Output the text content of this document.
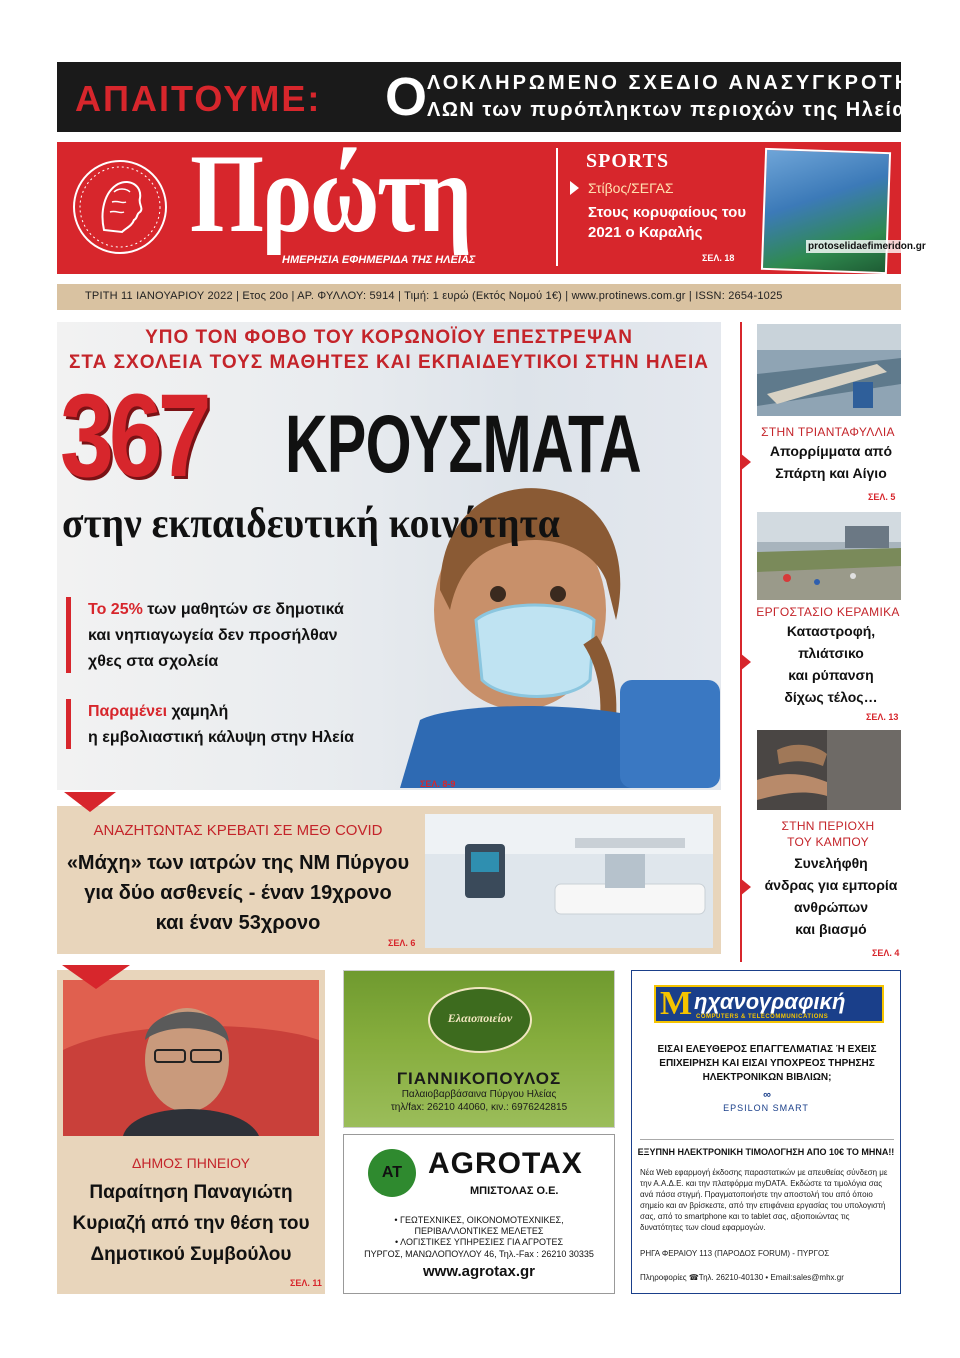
ΑΠΑΙΤΟΥΜΕ: Ο ΛΟΚΛΗΡΩΜΕΝΟ ΣΧΕΔΙΟ ΑΝΑΣΥΓΚΡΟΤΗΣΗΣ
ΛΩΝ των πυρόπληκτων περιοχών της Ηλείας
Πρώτη
ΗΜΕΡΗΣΙΑ ΕΦΗΜΕΡΙΔΑ ΤΗΣ ΗΛΕΙΑΣ
SPORTS
Στίβος/ΣΕΓΑΣ
Στους κορυφαίους του 2021 ο Καραλής
ΣΕΛ. 18
protoselidaefimeridon.gr
ΤΡΙΤΗ 11 ΙΑΝΟΥΑΡΙΟΥ 2022 | Ετος 20ο | ΑΡ. ΦΥΛΛΟΥ: 5914 | Τιμή: 1 ευρώ (Εκτός Νομού 1€) | www.protinews.com.gr | ISSN: 2654-1025
ΥΠΟ ΤΟΝ ΦΟΒΟ ΤΟΥ ΚΟΡΩΝΟΪΟΥ ΕΠΕΣΤΡΕΨΑΝ
ΣΤΑ ΣΧΟΛΕΙΑ ΤΟΥΣ ΜΑΘΗΤΕΣ ΚΑΙ ΕΚΠΑΙΔΕΥΤΙΚΟΙ ΣΤΗΝ ΗΛΕΙΑ
367 ΚΡΟΥΣΜΑΤΑ
στην εκπαιδευτική κοινότητα
Το 25% των μαθητών σε δημοτικά
και νηπιαγωγεία δεν προσήλθαν
χθες στα σχολεία
Παραμένει χαμηλή
η εμβολιαστική κάλυψη στην Ηλεία
ΣΕΛ. 8-9
ΣΤΗΝ ΤΡΙΑΝΤΑΦΥΛΛΙΑ
Απορρίμματα από
Σπάρτη και Αίγιο
ΣΕΛ. 5
ΕΡΓΟΣΤΑΣΙΟ ΚΕΡΑΜΙΚΑ
Καταστροφή,
πλιάτσικο
και ρύπανση
δίχως τέλος…
ΣΕΛ. 13
ΣΤΗΝ ΠΕΡΙΟΧΗ
ΤΟΥ ΚΑΜΠΟΥ
Συνελήφθη
άνδρας για εμπορία
ανθρώπων
και βιασμό
ΣΕΛ. 4
ΑΝΑΖΗΤΩΝΤΑΣ ΚΡΕΒΑΤΙ ΣΕ ΜΕΘ COVID
«Μάχη» των ιατρών της ΝΜ Πύργου
για δύο ασθενείς - έναν 19χρονο
και έναν 53χρονο
ΣΕΛ. 6
ΔΗΜΟΣ ΠΗΝΕΙΟΥ
Παραίτηση Παναγιώτη
Κυριαζή από την θέση του
Δημοτικού Συμβούλου
ΣΕΛ. 11
Ελαιοποιείον
ΓΙΑΝΝΙΚΟΠΟΥΛΟΣ
Παλαιοβαρβάσαινα Πύργου Ηλείας
τηλ/fax: 26210 44060, κιν.: 6976242815
AT AGROTAX
ΜΠΙΣΤΟΛΑΣ Ο.Ε.
• ΓΕΩΤΕΧΝΙΚΕΣ, ΟΙΚΟΝΟΜΟΤΕΧΝΙΚΕΣ,
ΠΕΡΙΒΑΛΛΟΝΤΙΚΕΣ ΜΕΛΕΤΕΣ
• ΛΟΓΙΣΤΙΚΕΣ ΥΠΗΡΕΣΙΕΣ ΓΙΑ ΑΓΡΟΤΕΣ
ΠΥΡΓΟΣ, ΜΑΝΩΛΟΠΟΥΛΟΥ 46, Τηλ.-Fax : 26210 30335
www.agrotax.gr
M ηχανογραφική
COMPUTERS & TELECOMMUNICATIONS
ΕΙΣΑΙ ΕΛΕΥΘΕΡΟΣ ΕΠΑΓΓΕΛΜΑΤΙΑΣ Ή ΕΧΕΙΣ ΕΠΙΧΕΙΡΗΣΗ ΚΑΙ ΕΙΣΑΙ ΥΠΟΧΡΕΟΣ ΤΗΡΗΣΗΣ ΗΛΕΚΤΡΟΝΙΚΩΝ ΒΙΒΛΙΩΝ;
∞
EPSILON SMART
ΕΞΥΠΝΗ ΗΛΕΚΤΡΟΝΙΚΗ ΤΙΜΟΛΟΓΗΣΗ ΑΠΟ 10€ ΤΟ ΜΗΝΑ!!
Νέα Web εφαρμογή έκδοσης παραστατικών με απευθείας σύνδεση με την Α.Α.Δ.Ε. και την πλατφόρμα myDATA. Εκδώστε τα τιμολόγια σας ανά πάσα στιγμή. Πραγματοποιήστε την αποστολή του από όποιο σημείο και αν βρίσκεστε, από την επιφάνεια εργασίας του υπολογιστή σας, από το smartphone και το tablet σας, αξιοποιώντας τις δυνατότητες των cloud εφαρμογών.
ΡΗΓΑ ΦΕΡΑΙΟΥ 113 (ΠΑΡΟΔΟΣ FORUM) - ΠΥΡΓΟΣ
Πληροφορίες ☎Τηλ. 26210-40130 • Email:sales@mhx.gr
